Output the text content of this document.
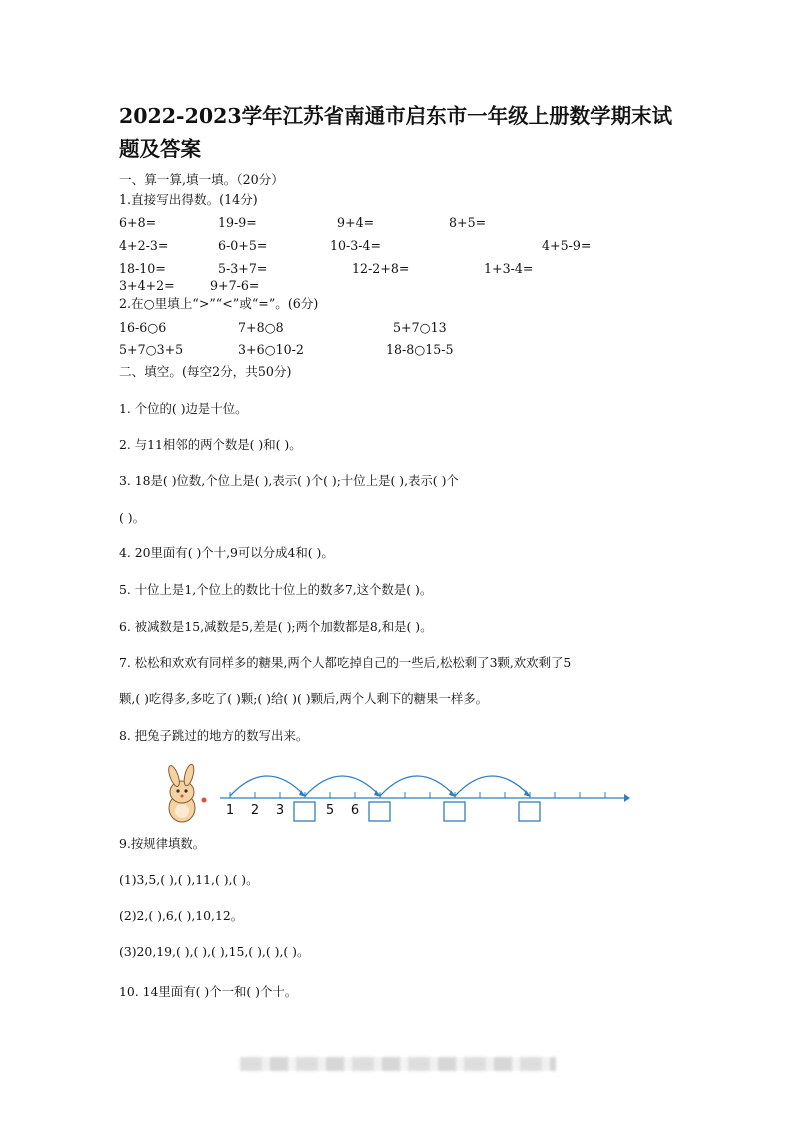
2022-2023学年江苏省南通市启东市一年级上册数学期末试
题及答案
一、算一算,填一填。（20分）
1.直接写出得数。(14分)
6+8=	19-9=	9+4=	8+5=
4+2-3=	6-0+5=	10-3-4=	4+5-9=
18-10=	5-3+7=	12-2+8=	1+3-4=
3+4+2=	9+7-6=
2.在○里填上“>”“<”或“=”。(6分)
16-6○6	7+8○8	5+7○13
5+7○3+5	3+6○10-2	18-8○15-5
二、填空。(每空2分，共50分)
1. 个位的( )边是十位。
2. 与11相邻的两个数是( )和( )。
3. 18是( )位数,个位上是( ),表示( )个( );十位上是( ),表示( )个
( )。
4. 20里面有( )个十,9可以分成4和( )。
5. 十位上是1,个位上的数比十位上的数多7,这个数是( )。
6. 被减数是15,减数是5,差是( );两个加数都是8,和是( )。
7. 松松和欢欢有同样多的糖果,两个人都吃掉自己的一些后,松松剩了3颗,欢欢剩了5
颗,( )吃得多,多吃了( )颗;( )给( )( )颗后,两个人剩下的糖果一样多。
8. 把兔子跳过的地方的数写出来。
1 2 3	5 6
9.按规律填数。
(1)3,5,( ),( ),11,( ),( )。
(2)2,( ),6,( ),10,12。
(3)20,19,( ),( ),( ),15,( ),( ),( )。
10. 14里面有( )个一和( )个十。
